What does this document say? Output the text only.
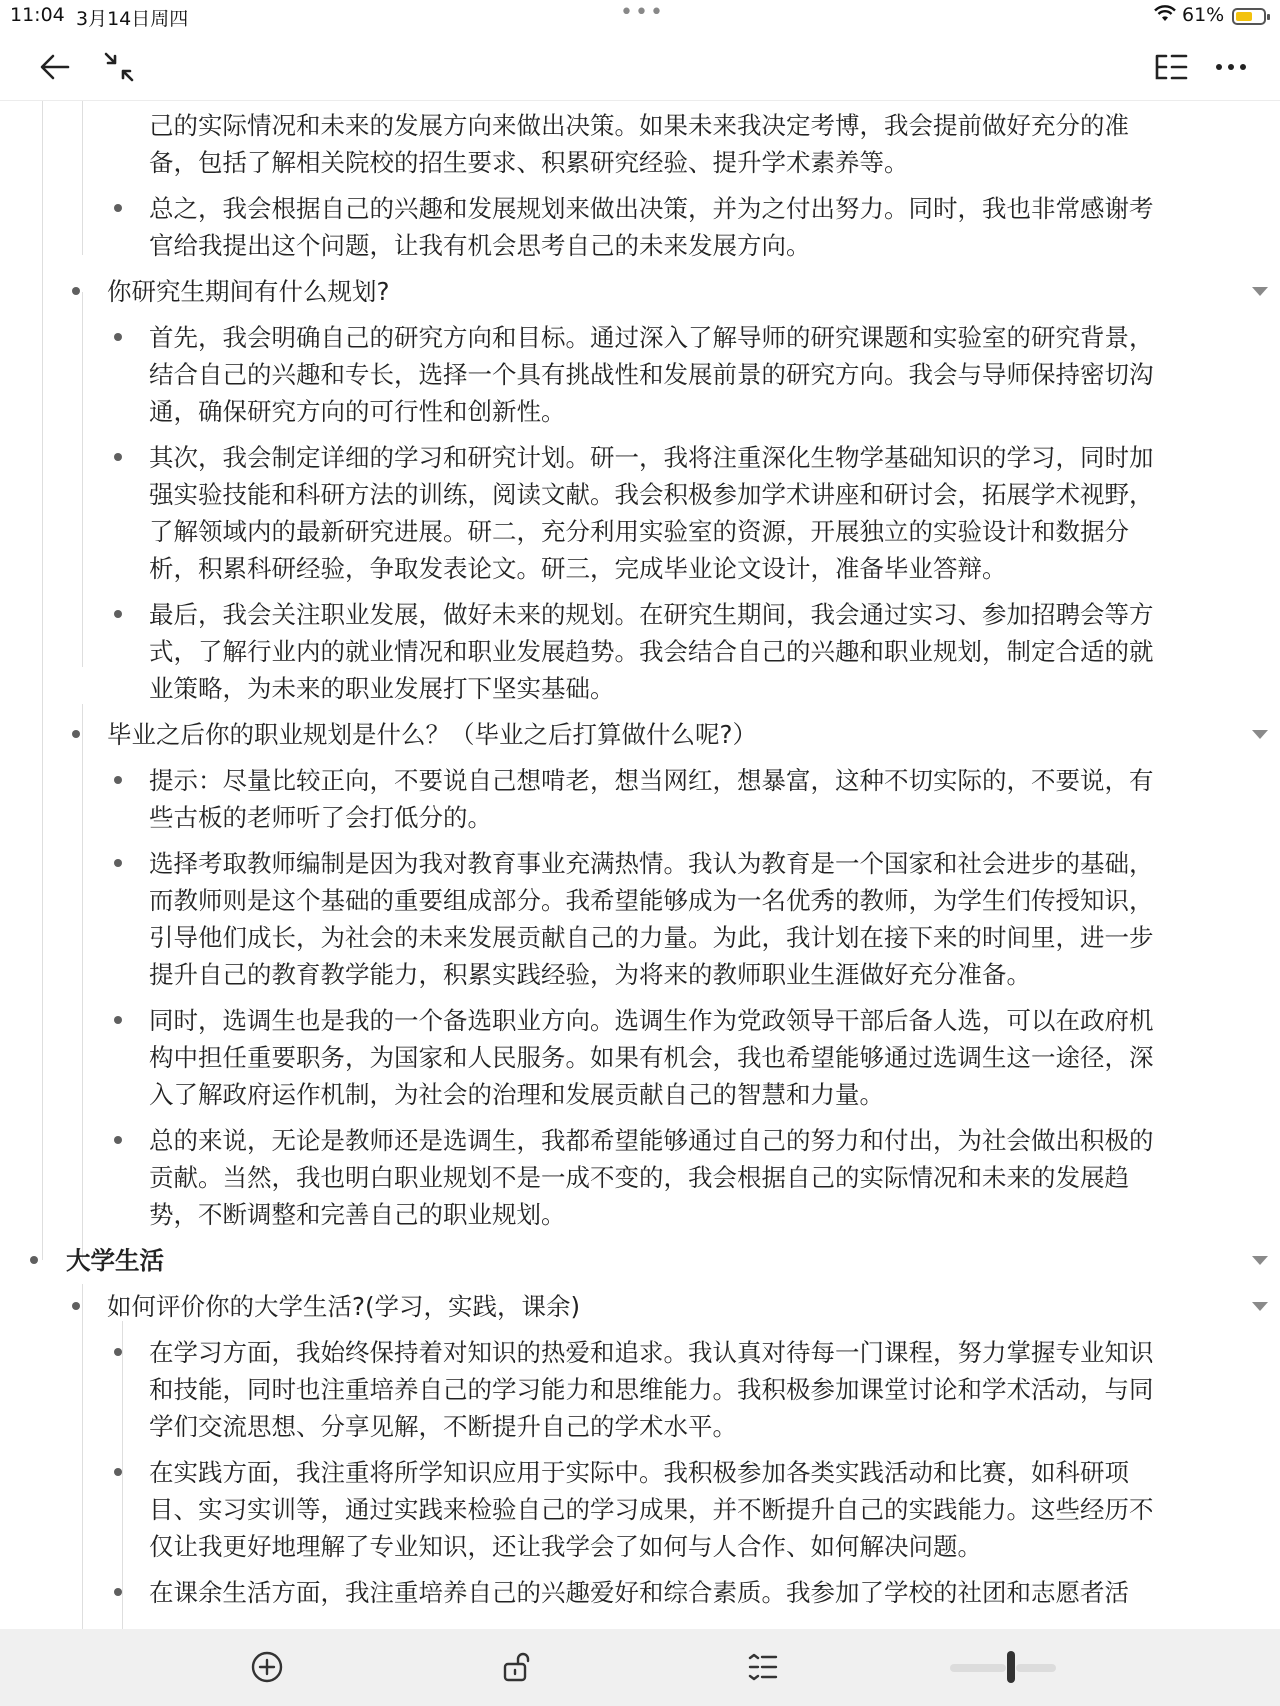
11:04 3月14日周四	•••	61%
己的实际情况和未来的发展方向来做出决策。如果未来我决定考博，我会提前做好充分的准
备，包括了解相关院校的招生要求、积累研究经验、提升学术素养等。
总之，我会根据自己的兴趣和发展规划来做出决策，并为之付出努力。同时，我也非常感谢考
官给我提出这个问题，让我有机会思考自己的未来发展方向。
你研究生期间有什么规划?
首先，我会明确自己的研究方向和目标。通过深入了解导师的研究课题和实验室的研究背景，
结合自己的兴趣和专长，选择一个具有挑战性和发展前景的研究方向。我会与导师保持密切沟
通，确保研究方向的可行性和创新性。
其次，我会制定详细的学习和研究计划。研一，我将注重深化生物学基础知识的学习，同时加
强实验技能和科研方法的训练，阅读文献。我会积极参加学术讲座和研讨会，拓展学术视野，
了解领域内的最新研究进展。研二，充分利用实验室的资源，开展独立的实验设计和数据分
析，积累科研经验，争取发表论文。研三，完成毕业论文设计，准备毕业答辩。
最后，我会关注职业发展，做好未来的规划。在研究生期间，我会通过实习、参加招聘会等方
式，了解行业内的就业情况和职业发展趋势。我会结合自己的兴趣和职业规划，制定合适的就
业策略，为未来的职业发展打下坚实基础。
毕业之后你的职业规划是什么？（毕业之后打算做什么呢?）
提示：尽量比较正向，不要说自己想啃老，想当网红，想暴富，这种不切实际的，不要说，有
些古板的老师听了会打低分的。
选择考取教师编制是因为我对教育事业充满热情。我认为教育是一个国家和社会进步的基础，
而教师则是这个基础的重要组成部分。我希望能够成为一名优秀的教师，为学生们传授知识，
引导他们成长，为社会的未来发展贡献自己的力量。为此，我计划在接下来的时间里，进一步
提升自己的教育教学能力，积累实践经验，为将来的教师职业生涯做好充分准备。
同时，选调生也是我的一个备选职业方向。选调生作为党政领导干部后备人选，可以在政府机
构中担任重要职务，为国家和人民服务。如果有机会，我也希望能够通过选调生这一途径，深
入了解政府运作机制，为社会的治理和发展贡献自己的智慧和力量。
总的来说，无论是教师还是选调生，我都希望能够通过自己的努力和付出，为社会做出积极的
贡献。当然，我也明白职业规划不是一成不变的，我会根据自己的实际情况和未来的发展趋
势，不断调整和完善自己的职业规划。
大学生活
如何评价你的大学生活?(学习，实践，课余)
在学习方面，我始终保持着对知识的热爱和追求。我认真对待每一门课程，努力掌握专业知识
和技能，同时也注重培养自己的学习能力和思维能力。我积极参加课堂讨论和学术活动，与同
学们交流思想、分享见解，不断提升自己的学术水平。
在实践方面，我注重将所学知识应用于实际中。我积极参加各类实践活动和比赛，如科研项
目、实习实训等，通过实践来检验自己的学习成果，并不断提升自己的实践能力。这些经历不
仅让我更好地理解了专业知识，还让我学会了如何与人合作、如何解决问题。
在课余生活方面，我注重培养自己的兴趣爱好和综合素质。我参加了学校的社团和志愿者活
